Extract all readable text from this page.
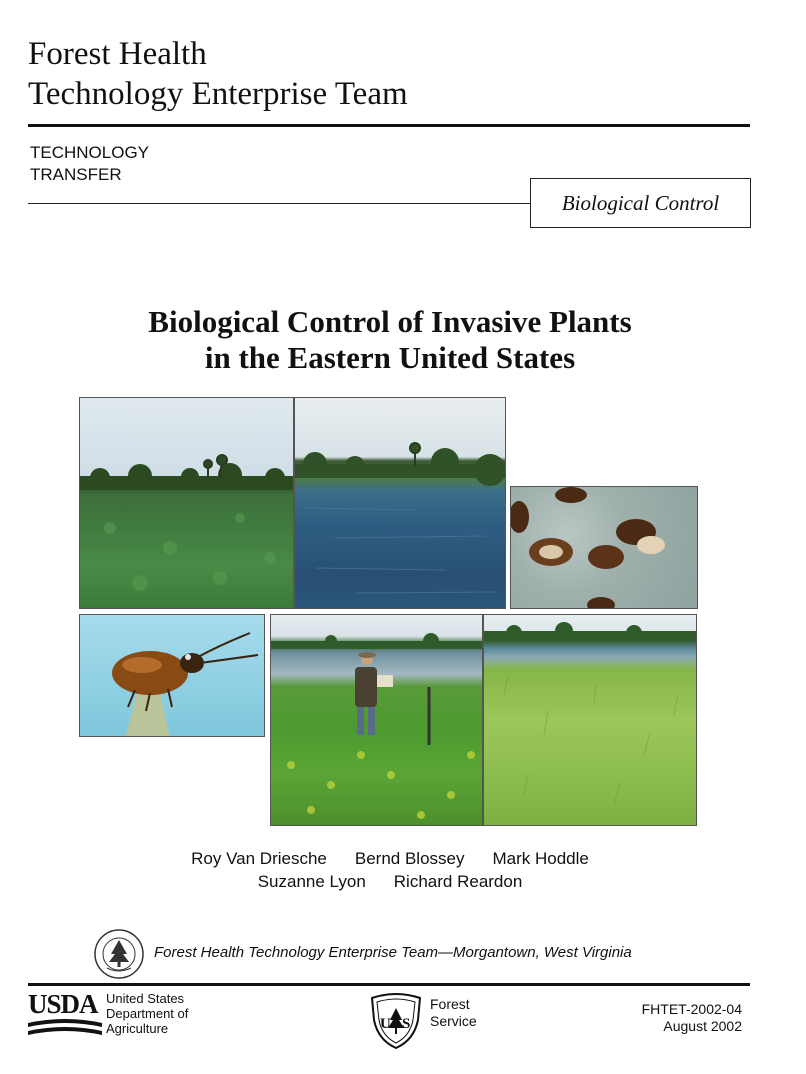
Forest Health
Technology Enterprise Team
TECHNOLOGY
TRANSFER
Biological Control
Biological Control of Invasive Plants
in the Eastern United States
Roy Van Driesche Bernd Blossey Mark Hoddle
Suzanne Lyon Richard Reardon
Forest Health Technology Enterprise Team—Morgantown, West Virginia
USDA United States
Department of
Agriculture	U S
Forest
Service
FHTET-2002-04
August 2002
